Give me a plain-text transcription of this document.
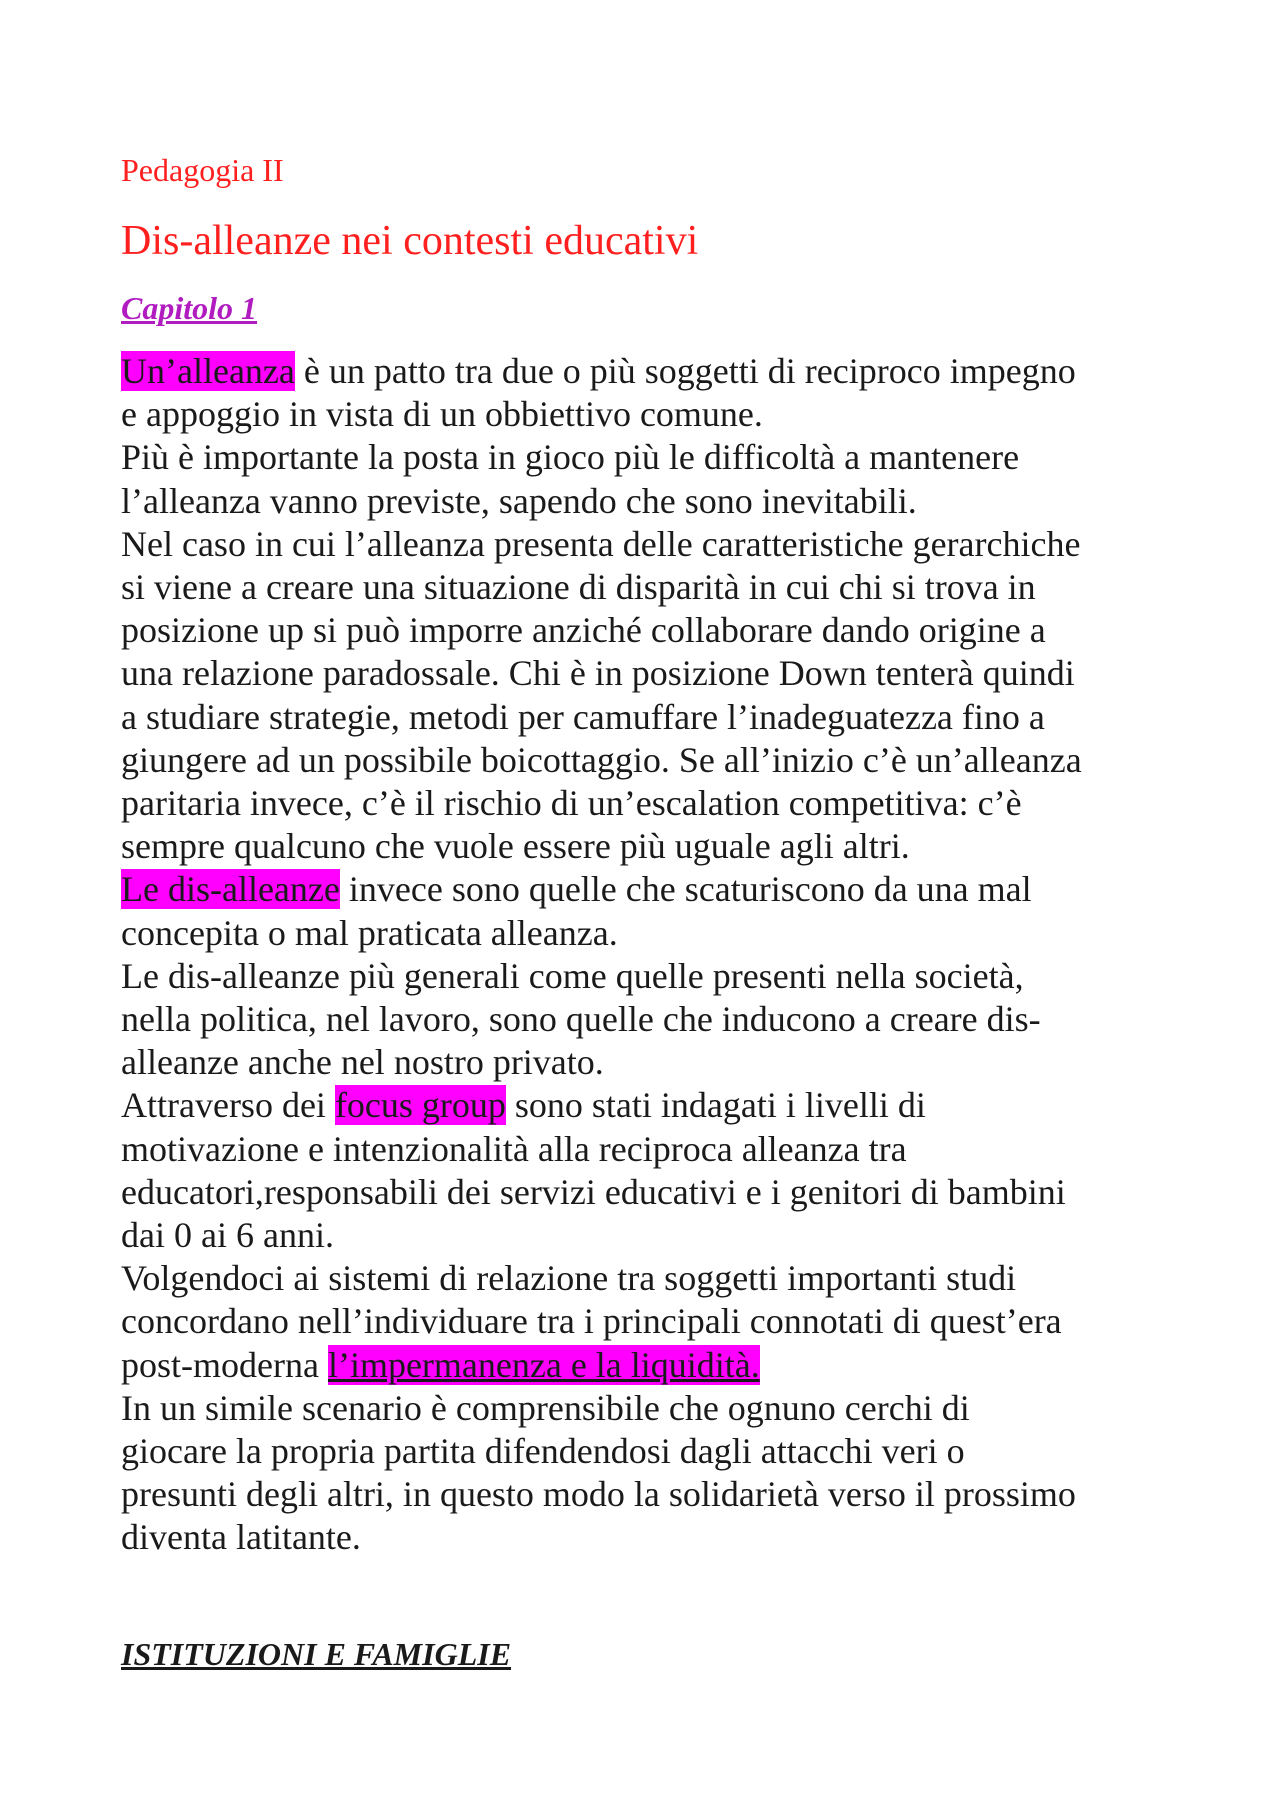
Pedagogia II
Dis-alleanze nei contesti educativi
Capitolo 1
Un’alleanza è un patto tra due o più soggetti di reciproco impegno
e appoggio in vista di un obbiettivo comune.
Più è importante la posta in gioco più le difficoltà a mantenere
l’alleanza vanno previste, sapendo che sono inevitabili.
Nel caso in cui l’alleanza presenta delle caratteristiche gerarchiche
si viene a creare una situazione di disparità in cui chi si trova in
posizione up si può imporre anziché collaborare dando origine a
una relazione paradossale. Chi è in posizione Down tenterà quindi
a studiare strategie, metodi per camuffare l’inadeguatezza fino a
giungere ad un possibile boicottaggio. Se all’inizio c’è un’alleanza
paritaria invece, c’è il rischio di un’escalation competitiva: c’è
sempre qualcuno che vuole essere più uguale agli altri.
Le dis-alleanze invece sono quelle che scaturiscono da una mal
concepita o mal praticata alleanza.
Le dis-alleanze più generali come quelle presenti nella società,
nella politica, nel lavoro, sono quelle che inducono a creare dis-
alleanze anche nel nostro privato.
Attraverso dei focus group sono stati indagati i livelli di
motivazione e intenzionalità alla reciproca alleanza tra
educatori,responsabili dei servizi educativi e i genitori di bambini
dai 0 ai 6 anni.
Volgendoci ai sistemi di relazione tra soggetti importanti studi
concordano nell’individuare tra i principali connotati di quest’era
post-moderna l’impermanenza e la liquidità.
In un simile scenario è comprensibile che ognuno cerchi di
giocare la propria partita difendendosi dagli attacchi veri o
presunti degli altri, in questo modo la solidarietà verso il prossimo
diventa latitante.
ISTITUZIONI E FAMIGLIE
